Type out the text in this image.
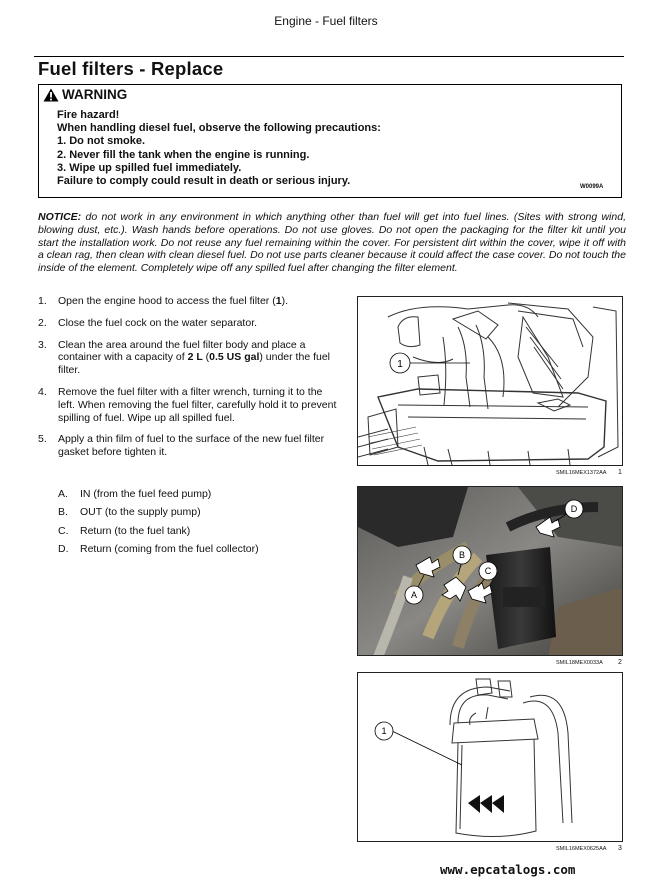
Engine - Fuel filters
Fuel filters - Replace
WARNING
Fire hazard!
When handling diesel fuel, observe the following precautions:
1. Do not smoke.
2. Never fill the tank when the engine is running.
3. Wipe up spilled fuel immediately.
Failure to comply could result in death or serious injury.	W0099A
NOTICE: do not work in any environment in which anything other than fuel will get into fuel lines. (Sites with strong wind, blowing dust, etc.). Wash hands before operations. Do not use gloves. Do not open the packaging for the filter kit until you start the installation work. Do not reuse any fuel remaining within the cover. For persistent dirt within the cover, wipe it off with a clean rag, then clean with clean diesel fuel. Do not use parts cleaner because it could affect the case cover. Do not touch the inside of the element. Completely wipe off any spilled fuel after changing the filter element.
1.	Open the engine hood to access the fuel filter (1).
2.	Close the fuel cock on the water separator.
3.	Clean the area around the fuel filter body and place a container with a capacity of 2 L (0.5 US gal) under the fuel filter.
4.	Remove the fuel filter with a filter wrench, turning it to the left. When removing the fuel filter, carefully hold it to prevent spilling of fuel. Wipe up all spilled fuel.
5.	Apply a thin film of fuel to the surface of the new fuel filter gasket before tighten it.
A.	IN (from the fuel feed pump)
B.	OUT (to the supply pump)
C.	Return (to the fuel tank)
D.	Return (coming from the fuel collector)
1
SMIL16MEX1372AA 1
A
B
C
D
SMIL18MEX0033A 2
1
SMIL16MEX0625AA 3
www.epcatalogs.com
